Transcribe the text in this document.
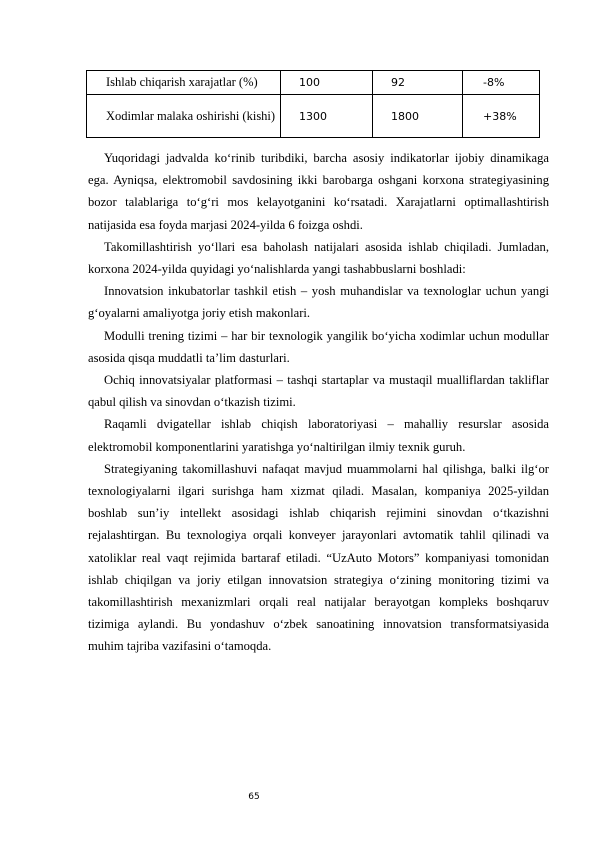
Ishlab chiqarish xarajatlar (%)	100	92	-8%
Xodimlar malaka oshirishi (kishi)	1300	1800	+38%

Yuqoridagi jadvalda ko‘rinib turibdiki, barcha asosiy indikatorlar ijobiy dinamikaga ega. Ayniqsa, elektromobil savdosining ikki barobarga oshgani korxona strategiyasining bozor talablariga to‘g‘ri mos kelayotganini ko‘rsatadi. Xarajatlarni optimallashtirish natijasida esa foyda marjasi 2024-yilda 6 foizga oshdi.

Takomillashtirish yo‘llari esa baholash natijalari asosida ishlab chiqiladi. Jumladan, korxona 2024-yilda quyidagi yo‘nalishlarda yangi tashabbuslarni boshladi:

Innovatsion inkubatorlar tashkil etish – yosh muhandislar va texnologlar uchun yangi g‘oyalarni amaliyotga joriy etish makonlari.

Modulli trening tizimi – har bir texnologik yangilik bo‘yicha xodimlar uchun modullar asosida qisqa muddatli ta’lim dasturlari.

Ochiq innovatsiyalar platformasi – tashqi startaplar va mustaqil mualliflardan takliflar qabul qilish va sinovdan o‘tkazish tizimi.

Raqamli dvigatellar ishlab chiqish laboratoriyasi – mahalliy resurslar asosida elektromobil komponentlarini yaratishga yo‘naltirilgan ilmiy texnik guruh.

Strategiyaning takomillashuvi nafaqat mavjud muammolarni hal qilishga, balki ilg‘or texnologiyalarni ilgari surishga ham xizmat qiladi. Masalan, kompaniya 2025-yildan boshlab sun’iy intellekt asosidagi ishlab chiqarish rejimini sinovdan o‘tkazishni rejalashtirgan. Bu texnologiya orqali konveyer jarayonlari avtomatik tahlil qilinadi va xatoliklar real vaqt rejimida bartaraf etiladi. “UzAuto Motors” kompaniyasi tomonidan ishlab chiqilgan va joriy etilgan innovatsion strategiya o‘zining monitoring tizimi va takomillashtirish mexanizmlari orqali real natijalar berayotgan kompleks boshqaruv tizimiga aylandi. Bu yondashuv o‘zbek sanoatining innovatsion transformatsiyasida muhim tajriba vazifasini o‘tamoqda.

65
